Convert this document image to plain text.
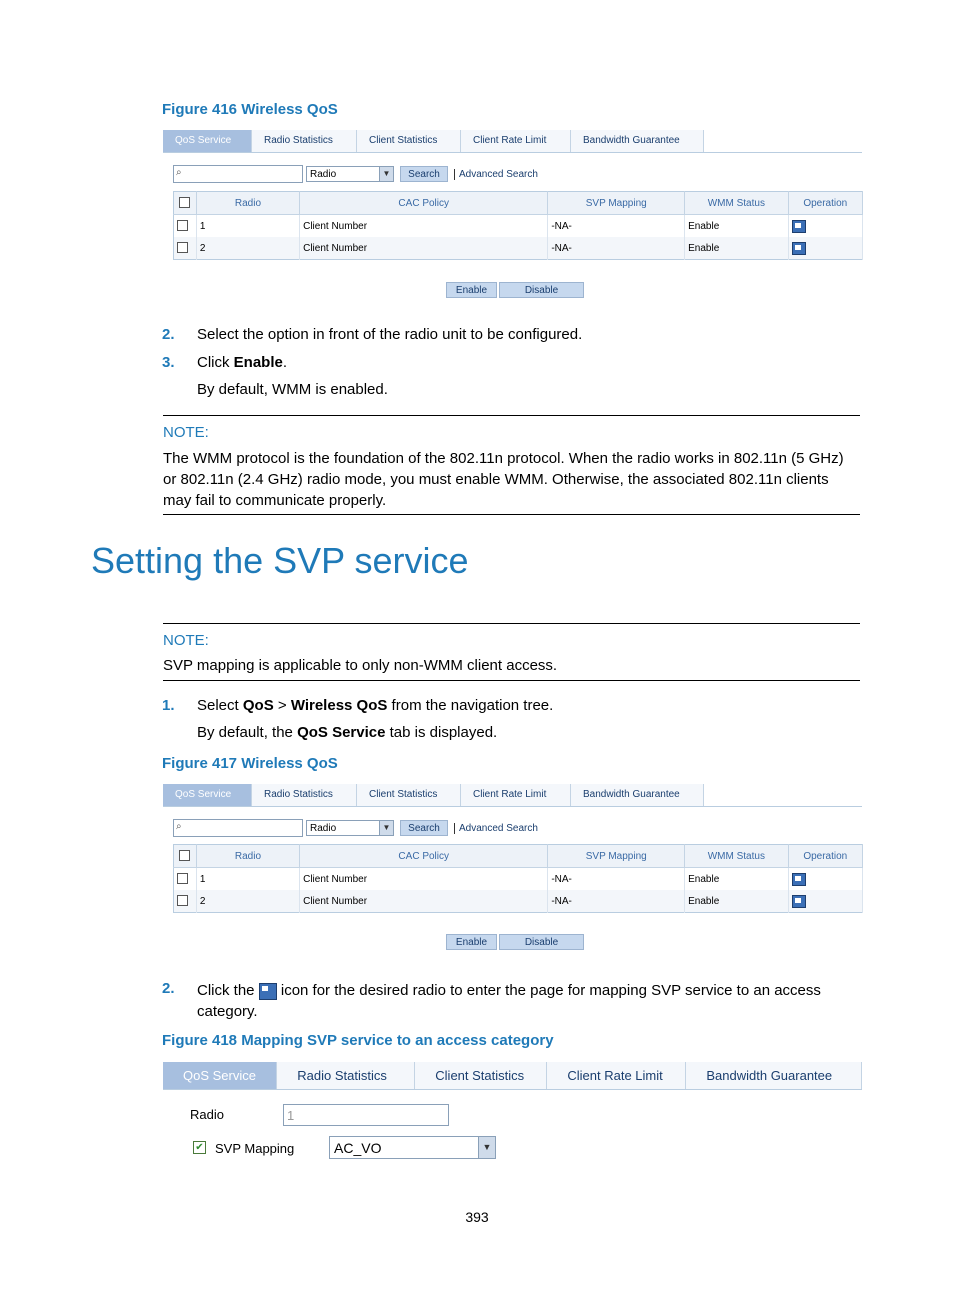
Figure 416 Wireless QoS
QoS Service	Radio Statistics	Client Statistics	Client Rate Limit	Bandwidth Guarantee
⌕	Radio	▼	Search	Advanced Search
	Radio	CAC Policy	SVP Mapping	WMM Status	Operation
	1	Client Number	-NA-	Enable	
	2	Client Number	-NA-	Enable	
Enable	Disable
2. Select the option in front of the radio unit to be configured.
3. Click Enable.
By default, WMM is enabled.
NOTE:
The WMM protocol is the foundation of the 802.11n protocol. When the radio works in 802.11n (5 GHz) or 802.11n (2.4 GHz) radio mode, you must enable WMM. Otherwise, the associated 802.11n clients may fail to communicate properly.
Setting the SVP service
NOTE:
SVP mapping is applicable to only non-WMM client access.
1. Select QoS > Wireless QoS from the navigation tree.
By default, the QoS Service tab is displayed.
Figure 417 Wireless QoS
QoS Service	Radio Statistics	Client Statistics	Client Rate Limit	Bandwidth Guarantee
⌕	Radio	▼	Search	Advanced Search
	Radio	CAC Policy	SVP Mapping	WMM Status	Operation
	1	Client Number	-NA-	Enable	
	2	Client Number	-NA-	Enable	
Enable	Disable
2. Click the  icon for the desired radio to enter the page for mapping SVP service to an access category.
Figure 418 Mapping SVP service to an access category
QoS Service	Radio Statistics	Client Statistics	Client Rate Limit	Bandwidth Guarantee
Radio	1
✔ SVP Mapping	AC_VO	▼
393
